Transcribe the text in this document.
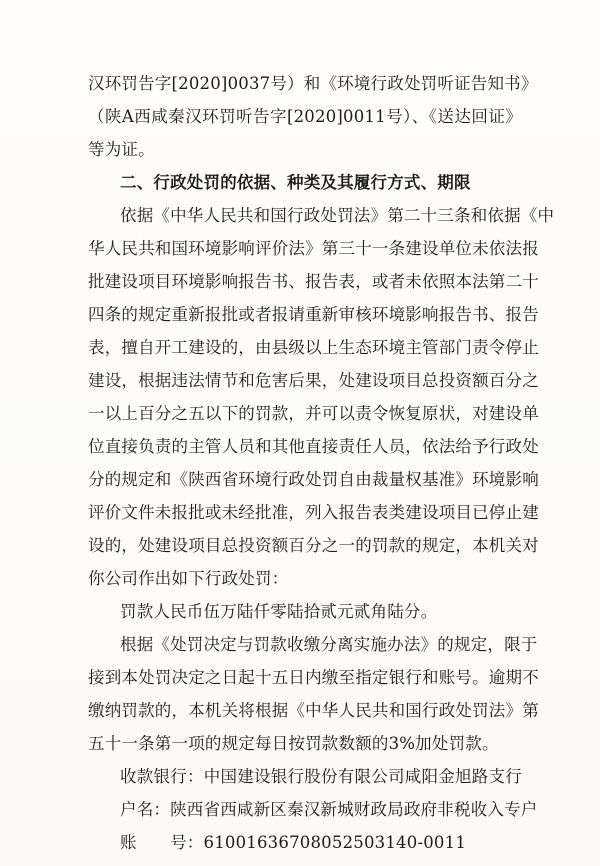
汉环罚告字[2020]0037号）和《环境行政处罚听证告知书》
（陕A西咸秦汉环罚听告字[2020]0011号）、《送达回证》
等为证。
二、行政处罚的依据、种类及其履行方式、期限
依据《中华人民共和国行政处罚法》第二十三条和依据《中
华人民共和国环境影响评价法》第三十一条建设单位未依法报
批建设项目环境影响报告书、报告表，或者未依照本法第二十
四条的规定重新报批或者报请重新审核环境影响报告书、报告
表，擅自开工建设的，由县级以上生态环境主管部门责令停止
建设，根据违法情节和危害后果，处建设项目总投资额百分之
一以上百分之五以下的罚款，并可以责令恢复原状，对建设单
位直接负责的主管人员和其他直接责任人员，依法给予行政处
分的规定和《陕西省环境行政处罚自由裁量权基准》环境影响
评价文件未报批或未经批准，列入报告表类建设项目已停止建
设的，处建设项目总投资额百分之一的罚款的规定，本机关对
你公司作出如下行政处罚：
罚款人民币伍万陆仟零陆拾贰元贰角陆分。
根据《处罚决定与罚款收缴分离实施办法》的规定，限于
接到本处罚决定之日起十五日内缴至指定银行和账号。逾期不
缴纳罚款的，本机关将根据《中华人民共和国行政处罚法》第
五十一条第一项的规定每日按罚款数额的3%加处罚款。
收款银行：中国建设银行股份有限公司咸阳金旭路支行
户名：陕西省西咸新区秦汉新城财政局政府非税收入专户
账　　号：6100163670805250314​0-0011
